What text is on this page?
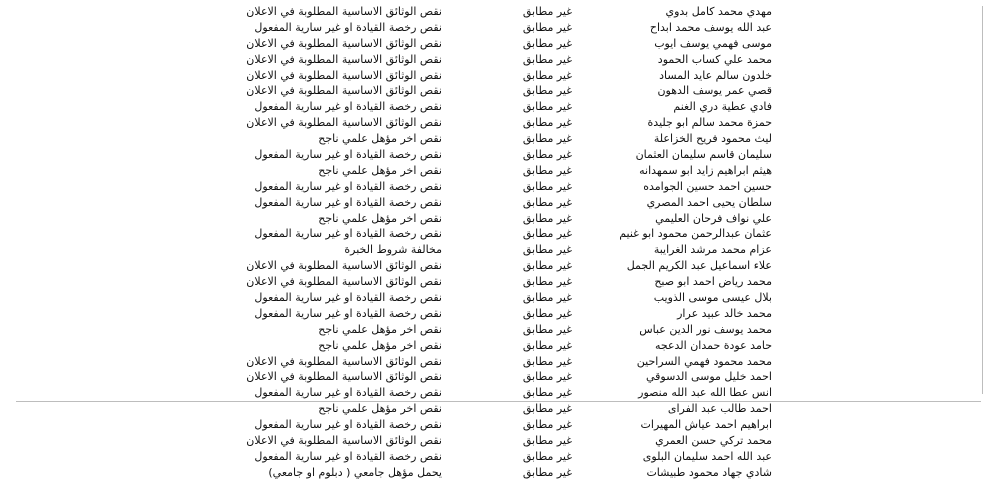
مهدي محمد كامل بدوي
غير مطابق
نقص الوثائق الاساسية المطلوبة في الاعلان
عبد الله يوسف محمد ابداح
غير مطابق
نقص رخصة القيادة او غير سارية المفعول
موسى فهمي يوسف ايوب
غير مطابق
نقص الوثائق الاساسية المطلوبة في الاعلان
محمد علي كساب الحمود
غير مطابق
نقص الوثائق الاساسية المطلوبة في الاعلان
خلدون سالم عايد المساد
غير مطابق
نقص الوثائق الاساسية المطلوبة في الاعلان
قصي عمر يوسف الدهون
غير مطابق
نقص الوثائق الاساسية المطلوبة في الاعلان
فادي عطية دري الغنم
غير مطابق
نقص رخصة القيادة او غير سارية المفعول
حمزة محمد سالم ابو جليدة
غير مطابق
نقص الوثائق الاساسية المطلوبة في الاعلان
ليث محمود فريح الخزاعلة
غير مطابق
نقص اخر مؤهل علمي ناجح
سليمان قاسم سليمان العثمان
غير مطابق
نقص رخصة القيادة او غير سارية المفعول
هيثم ابراهيم زايد ابو سمهدانه
غير مطابق
نقص اخر مؤهل علمي ناجح
حسين احمد حسين الجوامده
غير مطابق
نقص رخصة القيادة او غير سارية المفعول
سلطان يحيى احمد المصري
غير مطابق
نقص رخصة القيادة او غير سارية المفعول
علي نواف فرحان العليمي
غير مطابق
نقص اخر مؤهل علمي ناجح
عثمان عبدالرحمن محمود ابو غنيم
غير مطابق
نقص رخصة القيادة او غير سارية المفعول
عزام محمد مرشد الغرايبة
غير مطابق
مخالفة شروط الخبرة
علاء اسماعيل عبد الكريم الجمل
غير مطابق
نقص الوثائق الاساسية المطلوبة في الاعلان
محمد رياض احمد ابو صبح
غير مطابق
نقص الوثائق الاساسية المطلوبة في الاعلان
بلال عيسى موسى الذويب
غير مطابق
نقص رخصة القيادة او غير سارية المفعول
محمد خالد عبيد عرار
غير مطابق
نقص رخصة القيادة او غير سارية المفعول
محمد يوسف نور الدين عباس
غير مطابق
نقص اخر مؤهل علمي ناجح
حامد عودة حمدان الدعجه
غير مطابق
نقص اخر مؤهل علمي ناجح
محمد محمود فهمي السراحين
غير مطابق
نقص الوثائق الاساسية المطلوبة في الاعلان
احمد خليل موسى الدسوقي
غير مطابق
نقص الوثائق الاساسية المطلوبة في الاعلان
انس عطا الله عبد الله منصور
غير مطابق
نقص رخصة القيادة او غير سارية المفعول
احمد طالب عبد الفراى
غير مطابق
نقص اخر مؤهل علمي ناجح
ابراهيم احمد عياش المهيرات
غير مطابق
نقص رخصة القيادة او غير سارية المفعول
محمد تركي حسن العمري
غير مطابق
نقص الوثائق الاساسية المطلوبة في الاعلان
عبد الله احمد سليمان البلوى
غير مطابق
نقص رخصة القيادة او غير سارية المفعول
شادي جهاد محمود طبيشات
غير مطابق
يحمل مؤهل جامعي ( دبلوم او جامعي)
